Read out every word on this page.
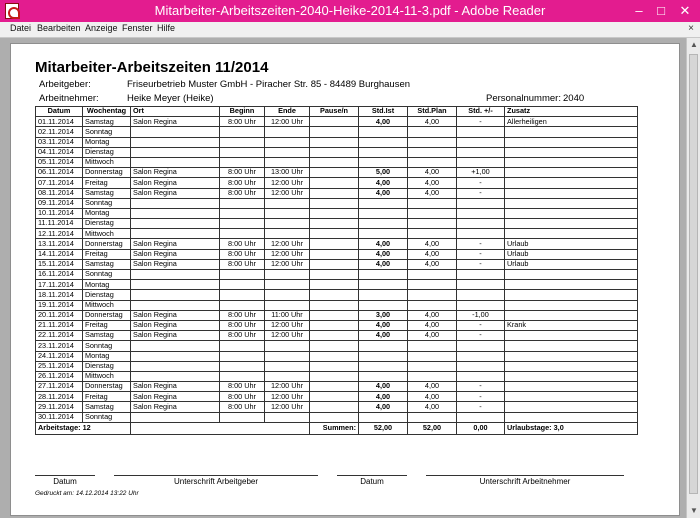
Mitarbeiter-Arbeitszeiten-2040-Heike-2014-11-3.pdf - Adobe Reader	–	□	✕
Datei Bearbeiten Anzeige Fenster Hilfe	×
Mitarbeiter-Arbeitszeiten 11/2014
Arbeitgeber:	Friseurbetrieb Muster GmbH - Piracher Str. 85 - 84489 Burghausen
Arbeitnehmer:	Heike Meyer (Heike)	Personalnummer: 2040
Datum	Wochentag	Ort	Beginn	Ende	Pause/n	Std.Ist	Std.Plan	Std. +/-	Zusatz
01.11.2014	Samstag	Salon Regina	8:00 Uhr	12:00 Uhr		4,00	4,00	-	Allerheiligen
02.11.2014	Sonntag								
03.11.2014	Montag								
04.11.2014	Dienstag								
05.11.2014	Mittwoch								
06.11.2014	Donnerstag	Salon Regina	8:00 Uhr	13:00 Uhr		5,00	4,00	+1,00	
07.11.2014	Freitag	Salon Regina	8:00 Uhr	12:00 Uhr		4,00	4,00	-	
08.11.2014	Samstag	Salon Regina	8:00 Uhr	12:00 Uhr		4,00	4,00	-	
09.11.2014	Sonntag								
10.11.2014	Montag								
11.11.2014	Dienstag								
12.11.2014	Mittwoch								
13.11.2014	Donnerstag	Salon Regina	8:00 Uhr	12:00 Uhr		4,00	4,00	-	Urlaub
14.11.2014	Freitag	Salon Regina	8:00 Uhr	12:00 Uhr		4,00	4,00	-	Urlaub
15.11.2014	Samstag	Salon Regina	8:00 Uhr	12:00 Uhr		4,00	4,00	-	Urlaub
16.11.2014	Sonntag								
17.11.2014	Montag								
18.11.2014	Dienstag								
19.11.2014	Mittwoch								
20.11.2014	Donnerstag	Salon Regina	8:00 Uhr	11:00 Uhr		3,00	4,00	-1,00	
21.11.2014	Freitag	Salon Regina	8:00 Uhr	12:00 Uhr		4,00	4,00	-	Krank
22.11.2014	Samstag	Salon Regina	8:00 Uhr	12:00 Uhr		4,00	4,00	-	
23.11.2014	Sonntag								
24.11.2014	Montag								
25.11.2014	Dienstag								
26.11.2014	Mittwoch								
27.11.2014	Donnerstag	Salon Regina	8:00 Uhr	12:00 Uhr		4,00	4,00	-	
28.11.2014	Freitag	Salon Regina	8:00 Uhr	12:00 Uhr		4,00	4,00	-	
29.11.2014	Samstag	Salon Regina	8:00 Uhr	12:00 Uhr		4,00	4,00	-	
30.11.2014	Sonntag								
Arbeitstage: 12					Summen:	52,00	52,00	0,00	Urlaubstage: 3,0
Datum	Unterschrift Arbeitgeber	Datum	Unterschrift Arbeitnehmer
Gedruckt am: 14.12.2014 13:22 Uhr
▲
▼
